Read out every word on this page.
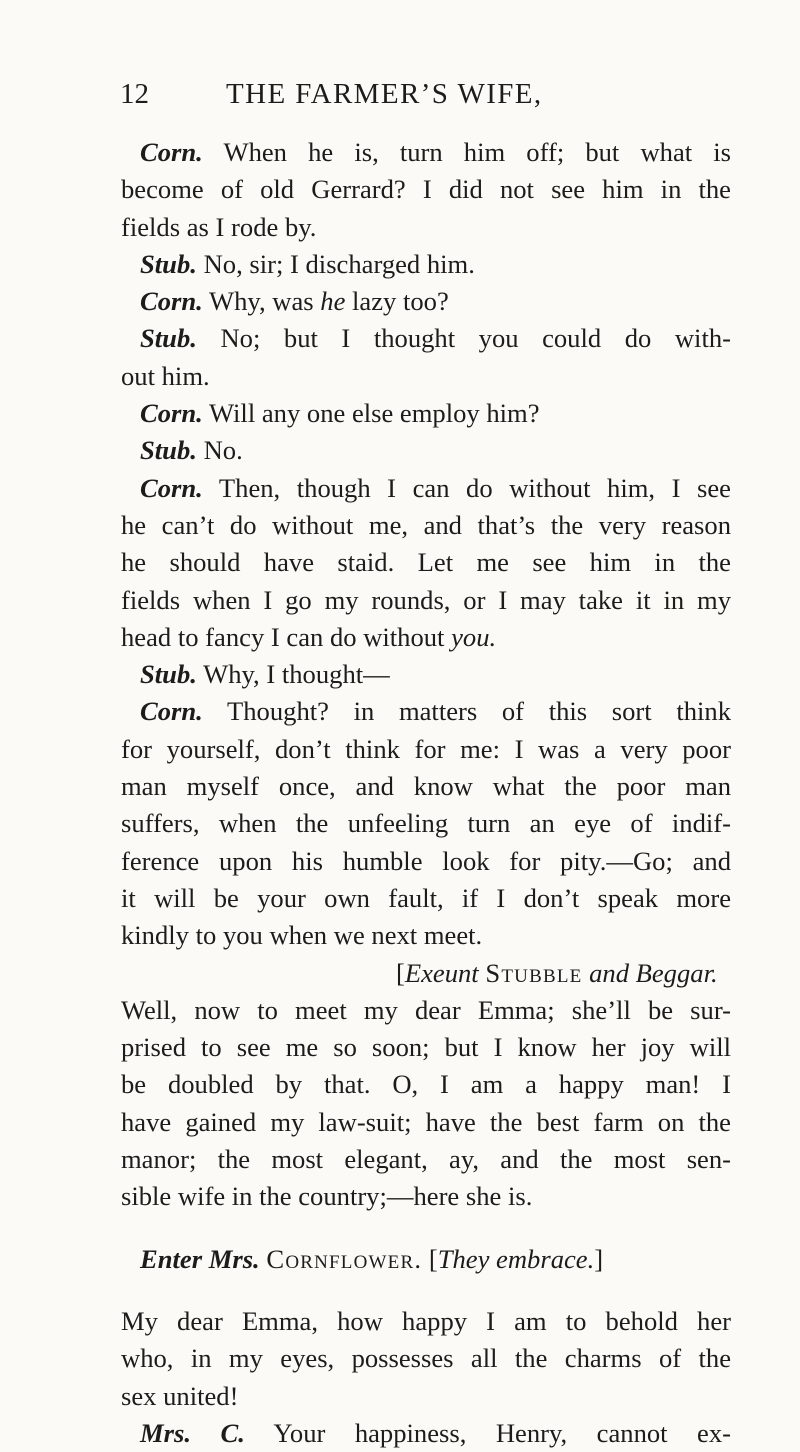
12	THE FARMER’S WIFE,
Corn. When he is, turn him off; but what is
become of old Gerrard? I did not see him in the
fields as I rode by.
Stub. No, sir; I discharged him.
Corn. Why, was he lazy too?
Stub. No; but I thought you could do with-
out him.
Corn. Will any one else employ him?
Stub. No.
Corn. Then, though I can do without him, I see
he can’t do without me, and that’s the very reason
he should have staid. Let me see him in the
fields when I go my rounds, or I may take it in my
head to fancy I can do without you.
Stub. Why, I thought—
Corn. Thought? in matters of this sort think
for yourself, don’t think for me: I was a very poor
man myself once, and know what the poor man
suffers, when the unfeeling turn an eye of indif-
ference upon his humble look for pity.—Go; and
it will be your own fault, if I don’t speak more
kindly to you when we next meet.
[Exeunt Stubble and Beggar.
Well, now to meet my dear Emma; she’ll be sur-
prised to see me so soon; but I know her joy will
be doubled by that. O, I am a happy man! I
have gained my law-suit; have the best farm on the
manor; the most elegant, ay, and the most sen-
sible wife in the country;—here she is.
Enter Mrs. Cornflower. [They embrace.]
My dear Emma, how happy I am to behold her
who, in my eyes, possesses all the charms of the
sex united!
Mrs. C. Your happiness, Henry, cannot ex-
